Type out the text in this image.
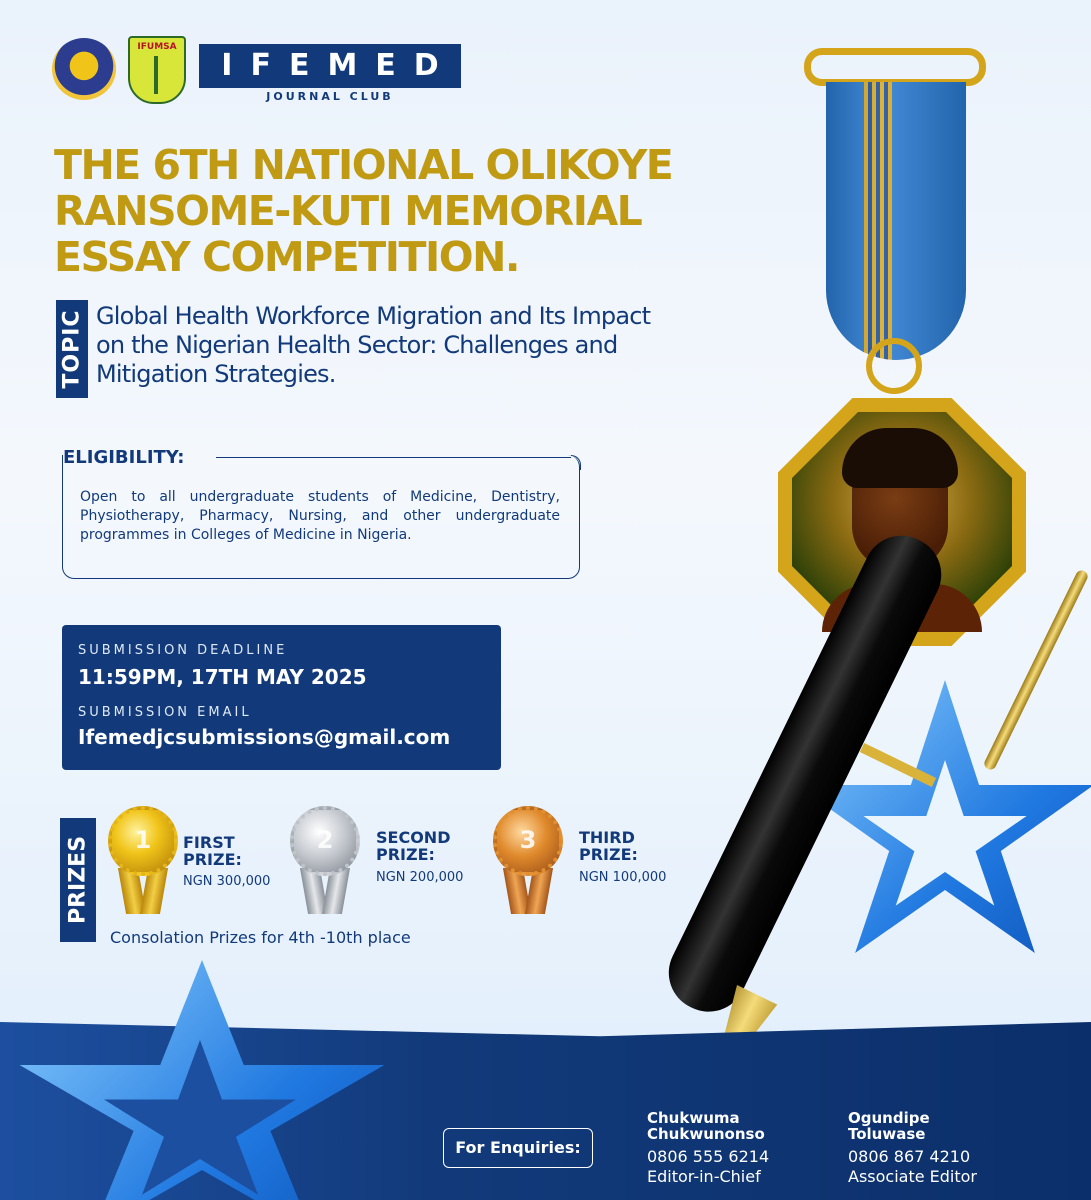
IFUMSA
IFEMED
JOURNAL CLUB
THE 6TH NATIONAL OLIKOYE RANSOME-KUTI MEMORIAL ESSAY COMPETITION.
TOPIC Global Health Workforce Migration and Its Impact on the Nigerian Health Sector: Challenges and Mitigation Strategies.

ELIGIBILITY:

Open to all undergraduate students of Medicine, Dentistry, Physiotherapy, Pharmacy, Nursing, and other undergraduate programmes in Colleges of Medicine in Nigeria.

SUBMISSION DEADLINE
11:59PM, 17TH MAY 2025
SUBMISSION EMAIL
Ifemedjcsubmissions@gmail.com
PRIZES	1	FIRST PRIZE:

NGN 300,000
2	SECOND PRIZE:

NGN 200,000
3	THIRD PRIZE:

NGN 100,000
Consolation Prizes for 4th -10th place
For Enquiries:

Chukwuma Chukwunonso

0806 555 6214
Editor-in-Chief

Ogundipe Toluwase

0806 867 4210
Associate Editor
